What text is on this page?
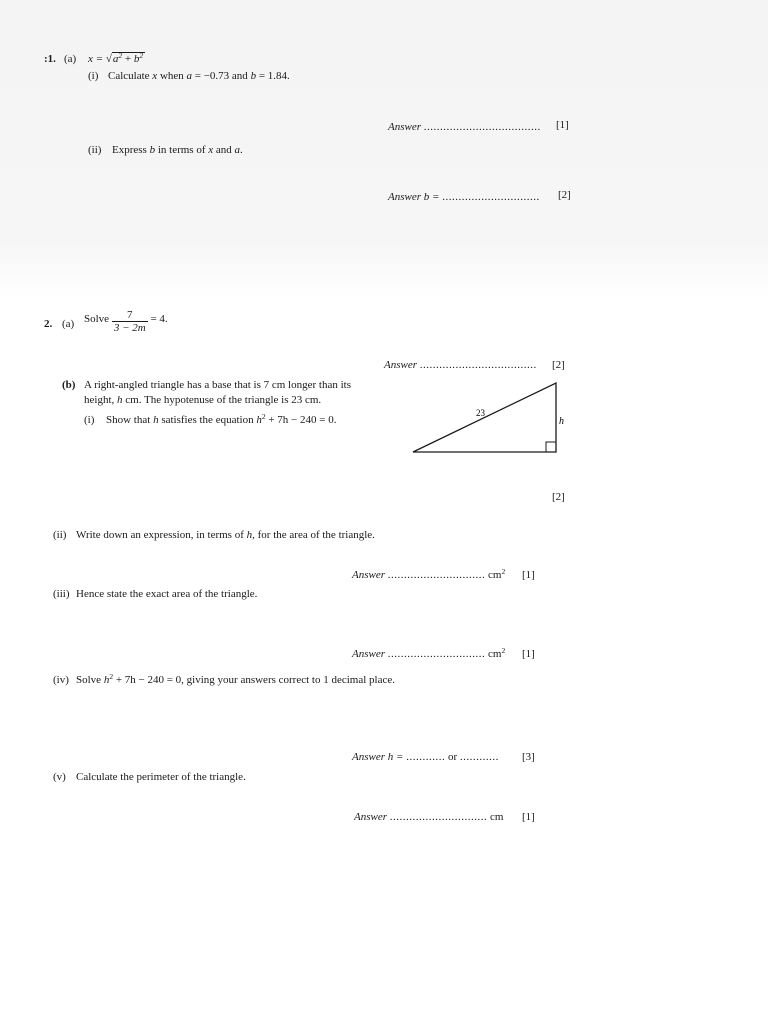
:1. (a) $x = √a^2 + b^2$
(i) Calculate x when a = −0.73 and b = 1.84.
Answer .................................... [1]
(ii) Express b in terms of x and a.
Answer b = .............................. [2]
2. (a) Solve $\frac{7}{3 - 2m} = 4$.
Answer .................................... [2]
(b) A right-angled triangle has a base that is 7 cm longer than its
height, h cm. The hypotenuse of the triangle is 23 cm.
(i) Show that h satisfies the equation $h^2 + 7h - 240 = 0$.
23
h
[2]
(ii) Write down an expression, in terms of h, for the area of the triangle.
Answer .............................. $cm^2$ [1]
(iii) Hence state the exact area of the triangle.
Answer .............................. $cm^2$ [1]
(iv) Solve $h^2 + 7h - 240 = 0$, giving your answers correct to 1 decimal place.
Answer h = ............ or ............ [3]
(v) Calculate the perimeter of the triangle.
Answer .............................. cm [1]
